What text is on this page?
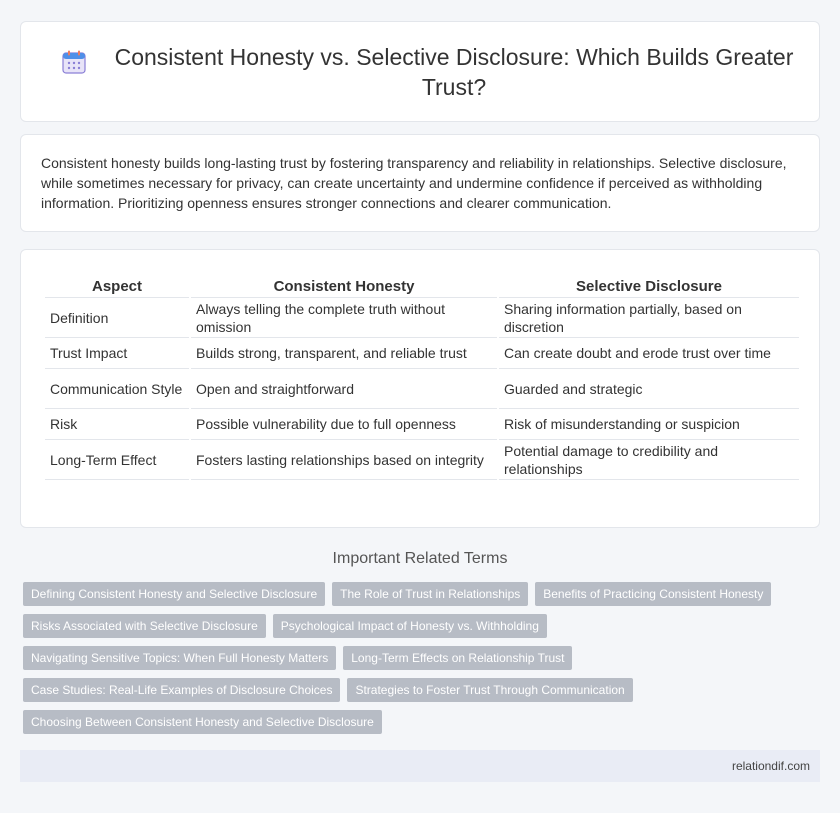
Consistent Honesty vs. Selective Disclosure: Which Builds Greater Trust?

Consistent honesty builds long-lasting trust by fostering transparency and reliability in relationships. Selective disclosure, while sometimes necessary for privacy, can create uncertainty and undermine confidence if perceived as withholding information. Prioritizing openness ensures stronger connections and clearer communication.

Aspect	Consistent Honesty	Selective Disclosure
Definition	Always telling the complete truth without omission	Sharing information partially, based on discretion
Trust Impact	Builds strong, transparent, and reliable trust	Can create doubt and erode trust over time
Communication Style	Open and straightforward	Guarded and strategic
Risk	Possible vulnerability due to full openness	Risk of misunderstanding or suspicion
Long-Term Effect	Fosters lasting relationships based on integrity	Potential damage to credibility and relationships
Important Related Terms
Defining Consistent Honesty and Selective Disclosure	The Role of Trust in Relationships	Benefits of Practicing Consistent Honesty
Risks Associated with Selective Disclosure	Psychological Impact of Honesty vs. Withholding
Navigating Sensitive Topics: When Full Honesty Matters	Long-Term Effects on Relationship Trust
Case Studies: Real-Life Examples of Disclosure Choices	Strategies to Foster Trust Through Communication
Choosing Between Consistent Honesty and Selective Disclosure
relationdif.com
